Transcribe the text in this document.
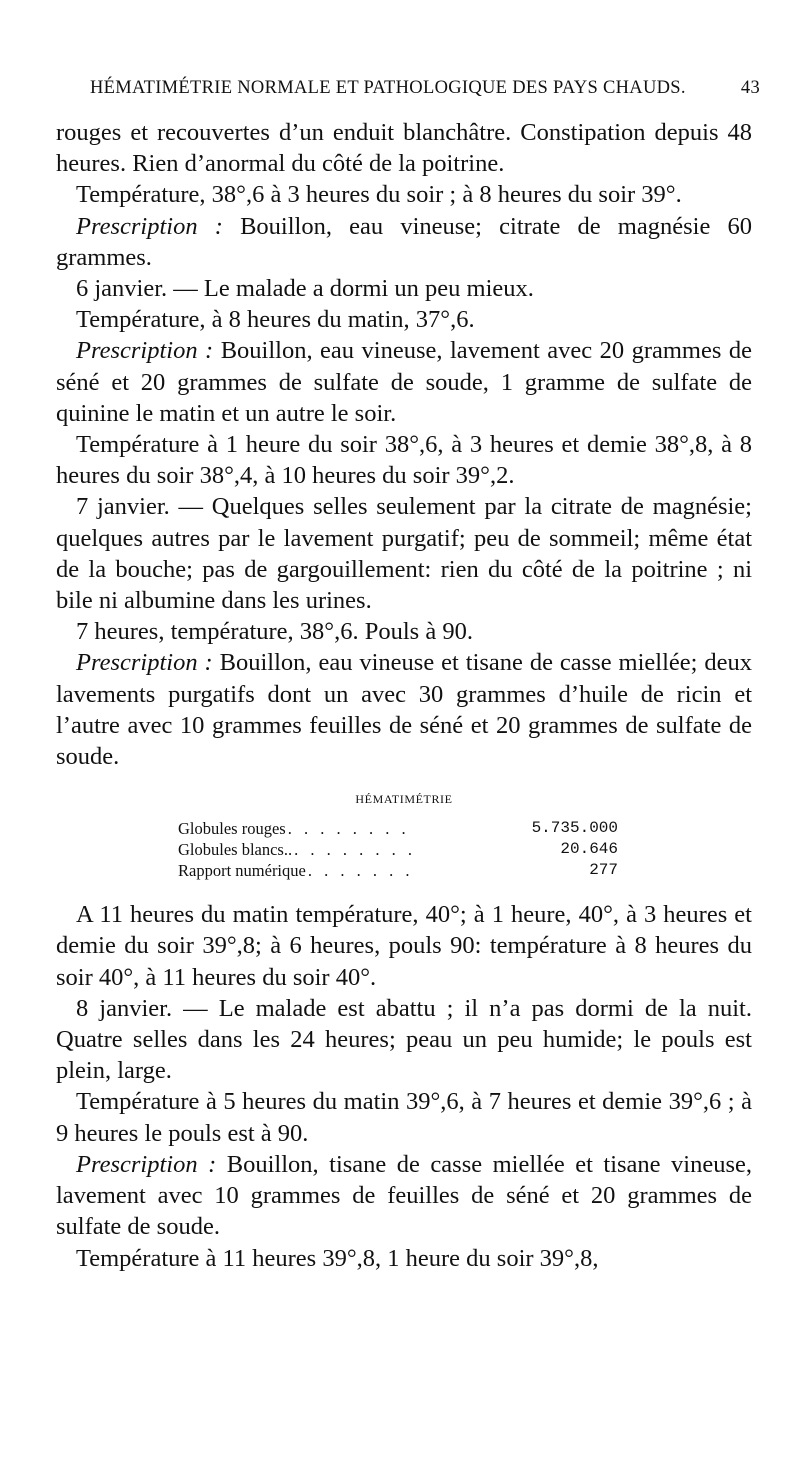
HÉMATIMÉTRIE NORMALE ET PATHOLOGIQUE DES PAYS CHAUDS.	43
rouges et recouvertes d’un enduit blanchâtre. Constipation depuis 48 heures. Rien d’anormal du côté de la poitrine.
Température, 38°,6 à 3 heures du soir ; à 8 heures du soir 39°.
Prescription : Bouillon, eau vineuse; citrate de magnésie 60 grammes.
6 janvier. — Le malade a dormi un peu mieux.
Température, à 8 heures du matin, 37°,6.
Prescription : Bouillon, eau vineuse, lavement avec 20 grammes de séné et 20 grammes de sulfate de soude, 1 gramme de sulfate de quinine le matin et un autre le soir.
Température à 1 heure du soir 38°,6, à 3 heures et demie 38°,8, à 8 heures du soir 38°,4, à 10 heures du soir 39°,2.
7 janvier. — Quelques selles seulement par la citrate de magnésie; quelques autres par le lavement purgatif; peu de sommeil; même état de la bouche; pas de gargouillement: rien du côté de la poitrine ; ni bile ni albumine dans les urines.
7 heures, température, 38°,6. Pouls à 90.
Prescription : Bouillon, eau vineuse et tisane de casse miellée; deux lavements purgatifs dont un avec 30 grammes d’huile de ricin et l’autre avec 10 grammes feuilles de séné et 20 grammes de sulfate de soude.
HÉMATIMÉTRIE
Globules rouges . . . . . . . .	5.735.000
Globules blancs.. . . . . . . . .	20.646
Rapport numérique . . . . . . .	277
A 11 heures du matin température, 40°; à 1 heure, 40°, à 3 heures et demie du soir 39°,8; à 6 heures, pouls 90: température à 8 heures du soir 40°, à 11 heures du soir 40°.
8 janvier. — Le malade est abattu ; il n’a pas dormi de la nuit. Quatre selles dans les 24 heures; peau un peu humide; le pouls est plein, large.
Température à 5 heures du matin 39°,6, à 7 heures et demie 39°,6 ; à 9 heures le pouls est à 90.
Prescription : Bouillon, tisane de casse miellée et tisane vineuse, lavement avec 10 grammes de feuilles de séné et 20 grammes de sulfate de soude.
Température à 11 heures 39°,8, 1 heure du soir 39°,8,
